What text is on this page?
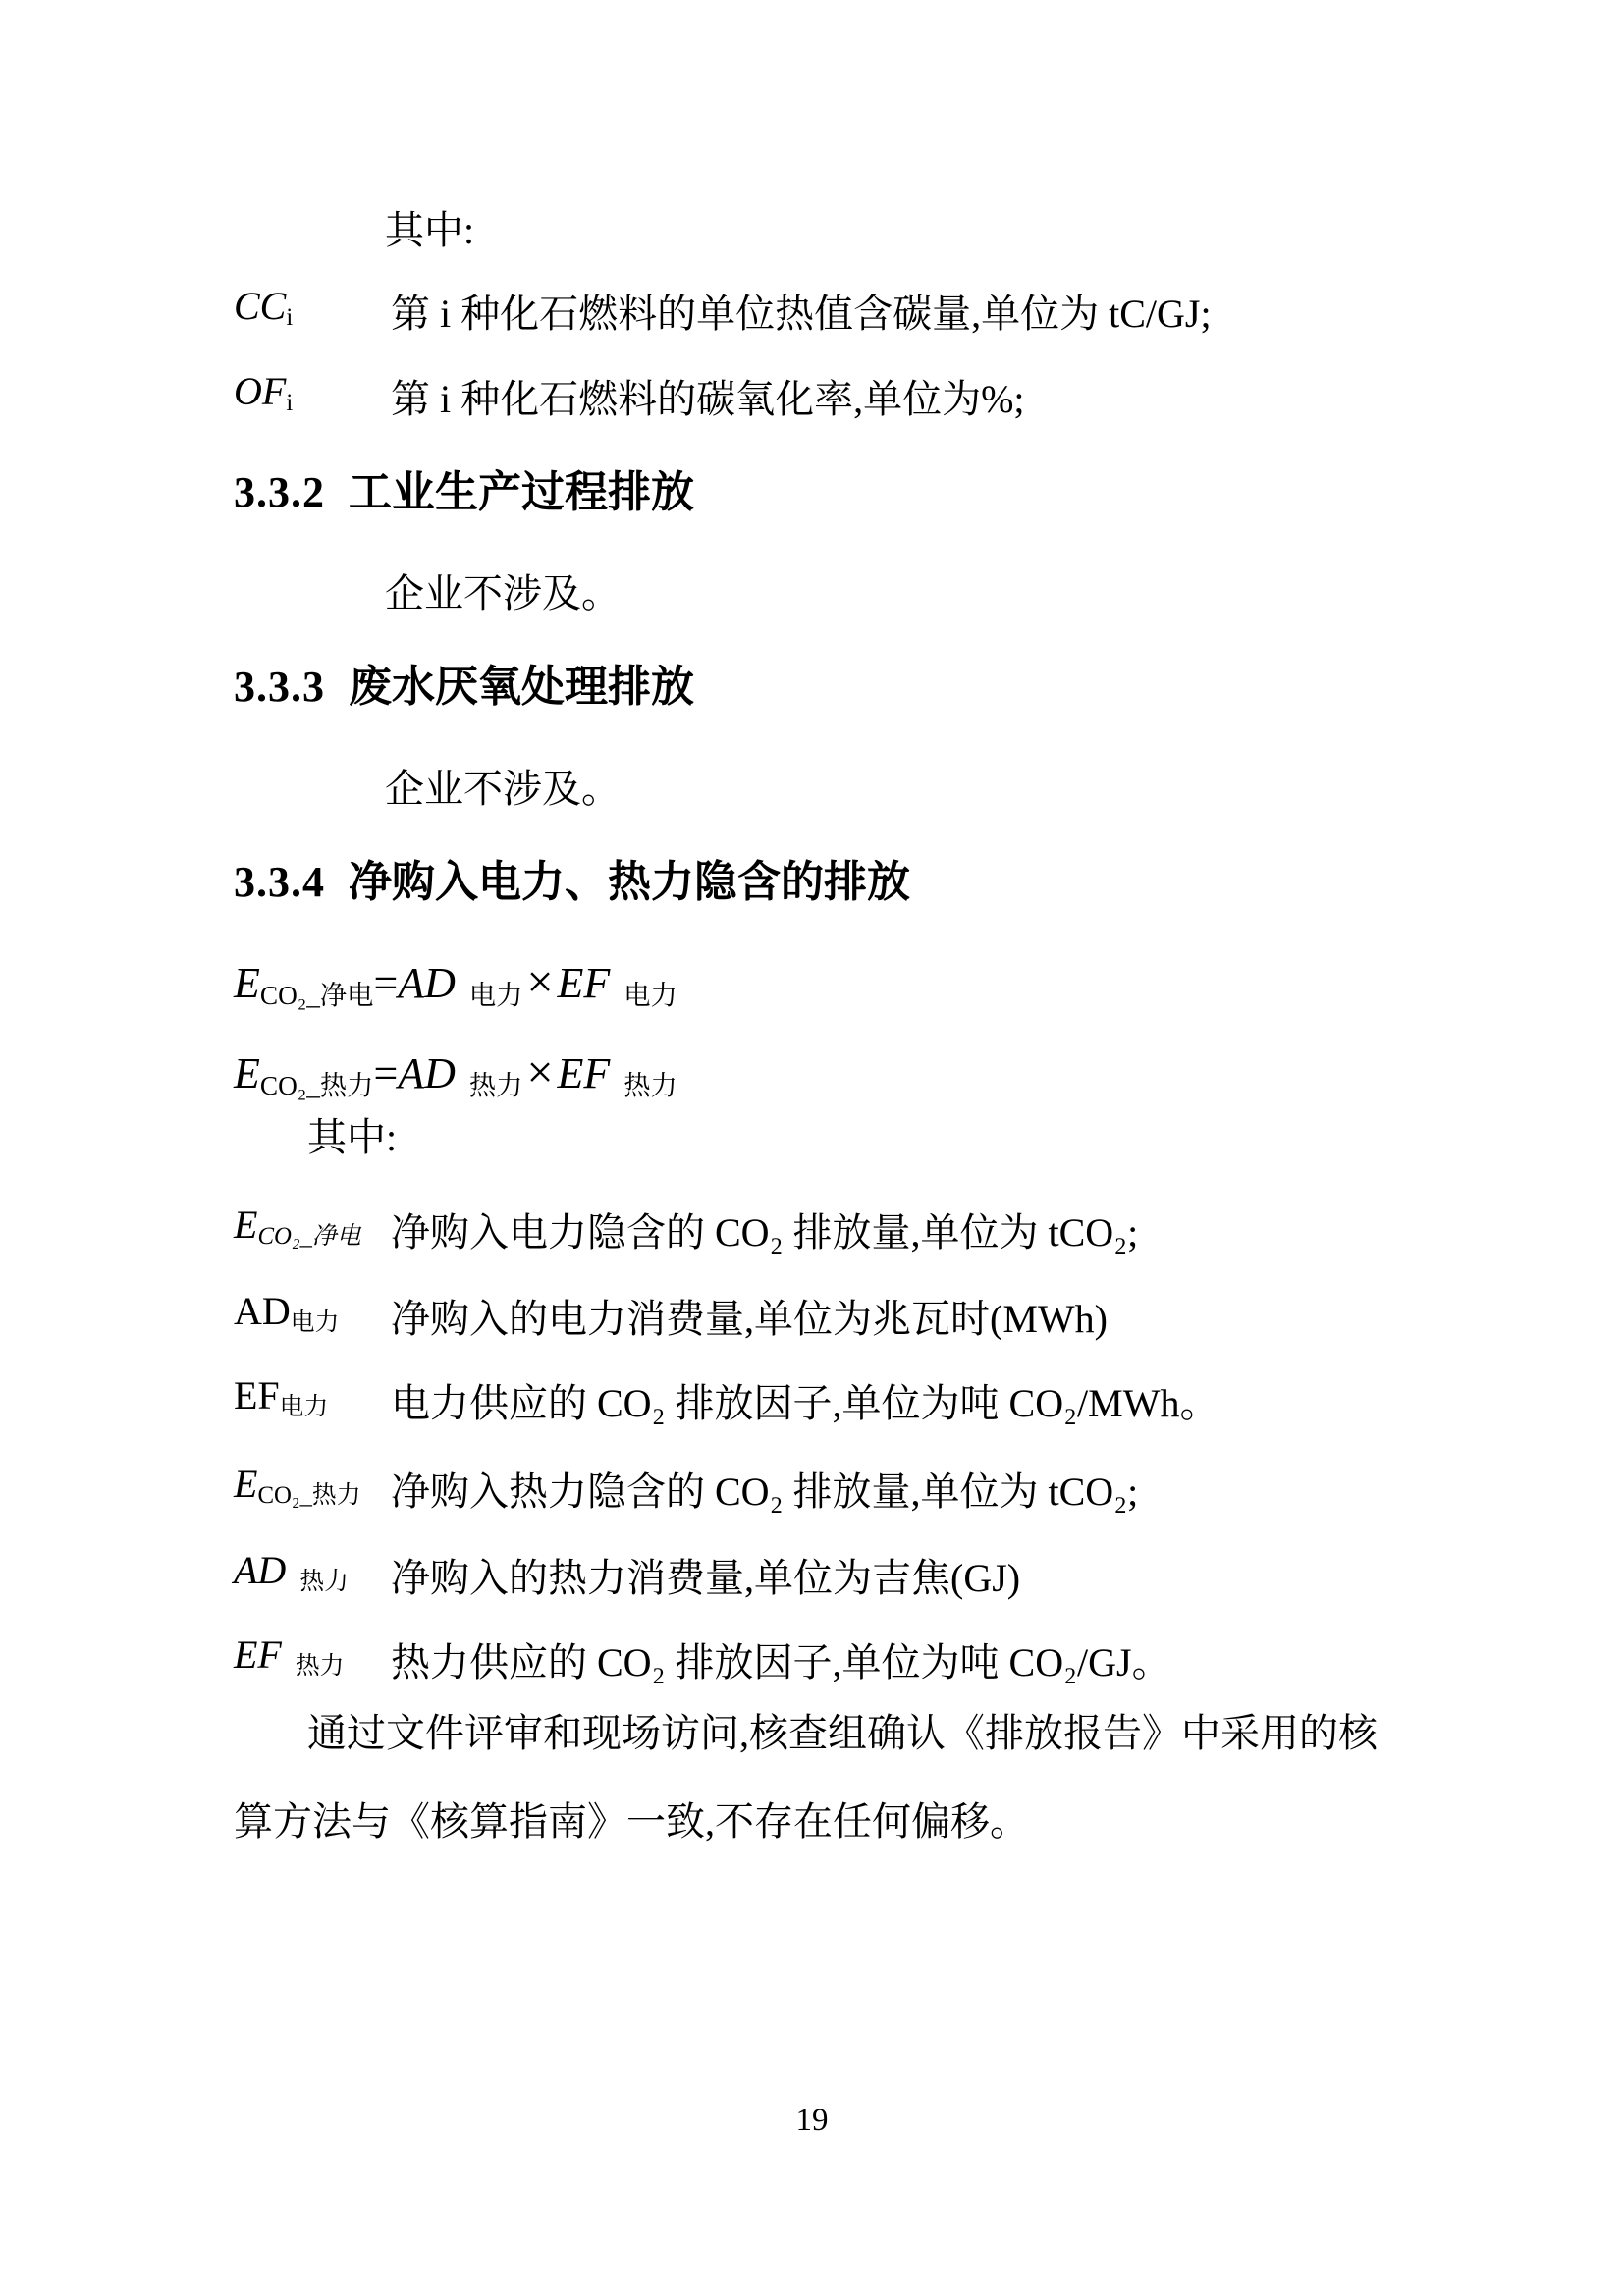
其中:
$CC_i$ 第 i 种化石燃料的单位热值含碳量,单位为 tC/GJ;
$OF_i$ 第 i 种化石燃料的碳氧化率,单位为%;
3.3.2 工业生产过程排放
企业不涉及。
3.3.3 废水厌氧处理排放
企业不涉及。
3.3.4 净购入电力、热力隐含的排放
$E_{CO_2\_净电}=AD$ $_{电力}$×EF $_{电力}$
$E_{CO_2\_热力}=AD$ $_{热力}$×EF $_{热力}$
其中:
$E_{CO_2\_净电}$ 净购入电力隐含的 CO₂ 排放量,单位为 tCO₂;
$AD_{电力}$ 净购入的电力消费量,单位为兆瓦时(MWh)
$EF_{电力}$ 电力供应的 CO₂ 排放因子,单位为吨 CO₂/MWh。
$E_{CO_2\_热力}$ 净购入热力隐含的 CO₂ 排放量,单位为 tCO₂;
AD $_{热力}$ 净购入的热力消费量,单位为吉焦(GJ)
EF $_{热力}$ 热力供应的 CO₂ 排放因子,单位为吨 CO₂/GJ。
通过文件评审和现场访问,核查组确认《排放报告》中采用的核
算方法与《核算指南》一致,不存在任何偏移。
19
